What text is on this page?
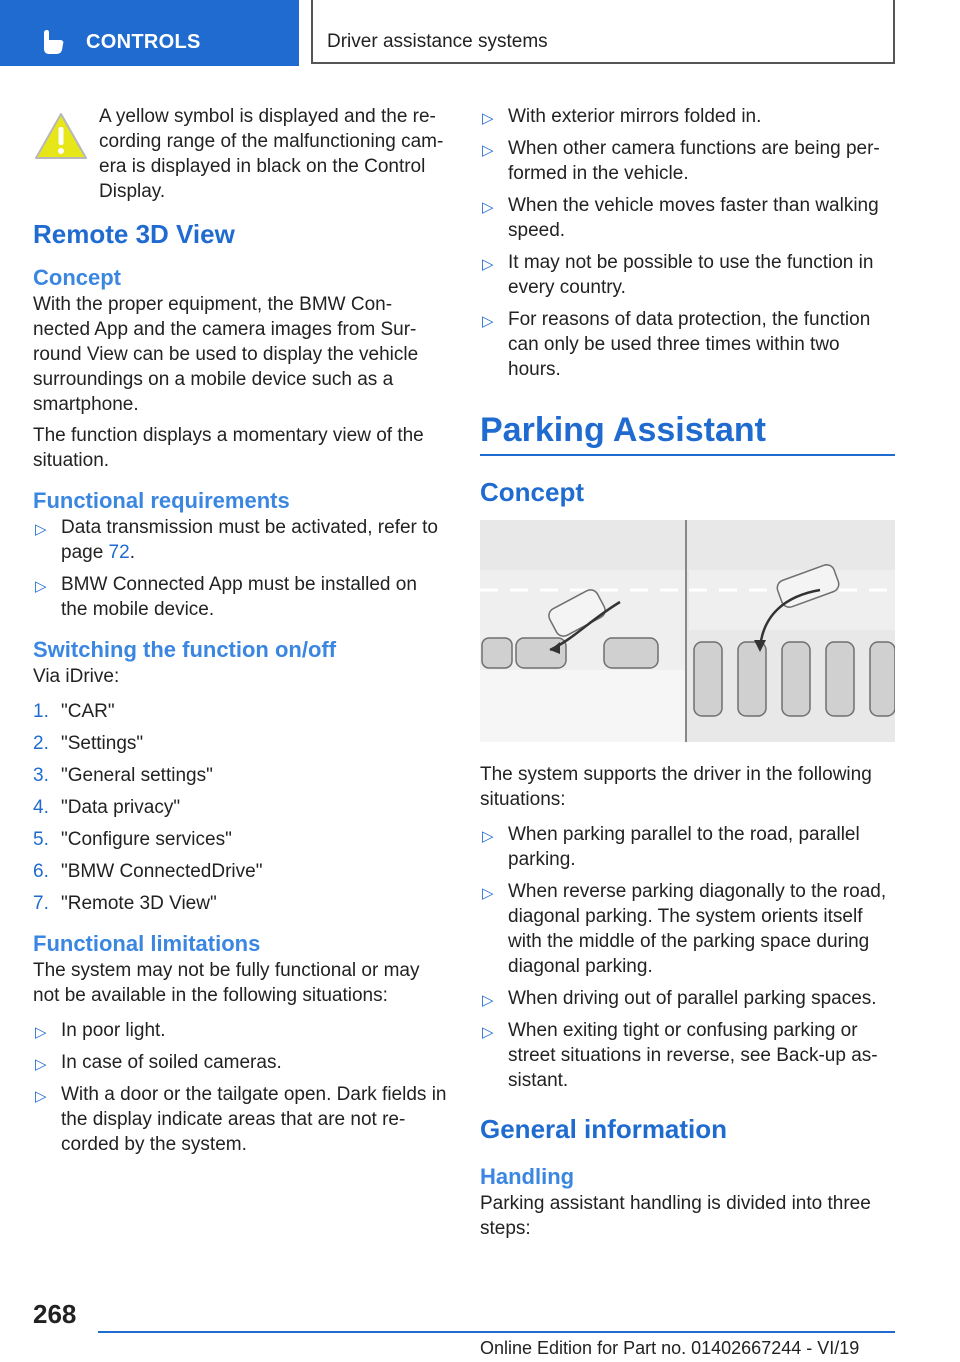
CONTROLS	Driver assistance systems

A yellow symbol is displayed and the re-cording range of the malfunctioning cam-era is displayed in black on the Control Display.

Remote 3D View
Concept

With the proper equipment, the BMW Con-nected App and the camera images from Sur-round View can be used to display the vehicle surroundings on a mobile device such as a smartphone.

The function displays a momentary view of the situation.

Functional requirements
▷ Data transmission must be activated, refer to page 72.
▷ BMW Connected App must be installed on the mobile device.
Switching the function on/off

Via iDrive:

1. "CAR"
2. "Settings"
3. "General settings"
4. "Data privacy"
5. "Configure services"
6. "BMW ConnectedDrive"
7. "Remote 3D View"
Functional limitations

The system may not be fully functional or may not be available in the following situations:

▷ In poor light.
▷ In case of soiled cameras.
▷ With a door or the tailgate open. Dark fields in the display indicate areas that are not re-corded by the system.
▷ With exterior mirrors folded in.
▷ When other camera functions are being per-formed in the vehicle.
▷ When the vehicle moves faster than walking speed.
▷ It may not be possible to use the function in every country.
▷ For reasons of data protection, the function can only be used three times within two hours.
Parking Assistant
Concept

The system supports the driver in the following situations:

▷ When parking parallel to the road, parallel parking.
▷ When reverse parking diagonally to the road, diagonal parking. The system orients itself with the middle of the parking space during diagonal parking.
▷ When driving out of parallel parking spaces.
▷ When exiting tight or confusing parking or street situations in reverse, see Back-up as-sistant.
General information
Handling

Parking assistant handling is divided into three steps:

268
Online Edition for Part no. 01402667244 - VI/19
